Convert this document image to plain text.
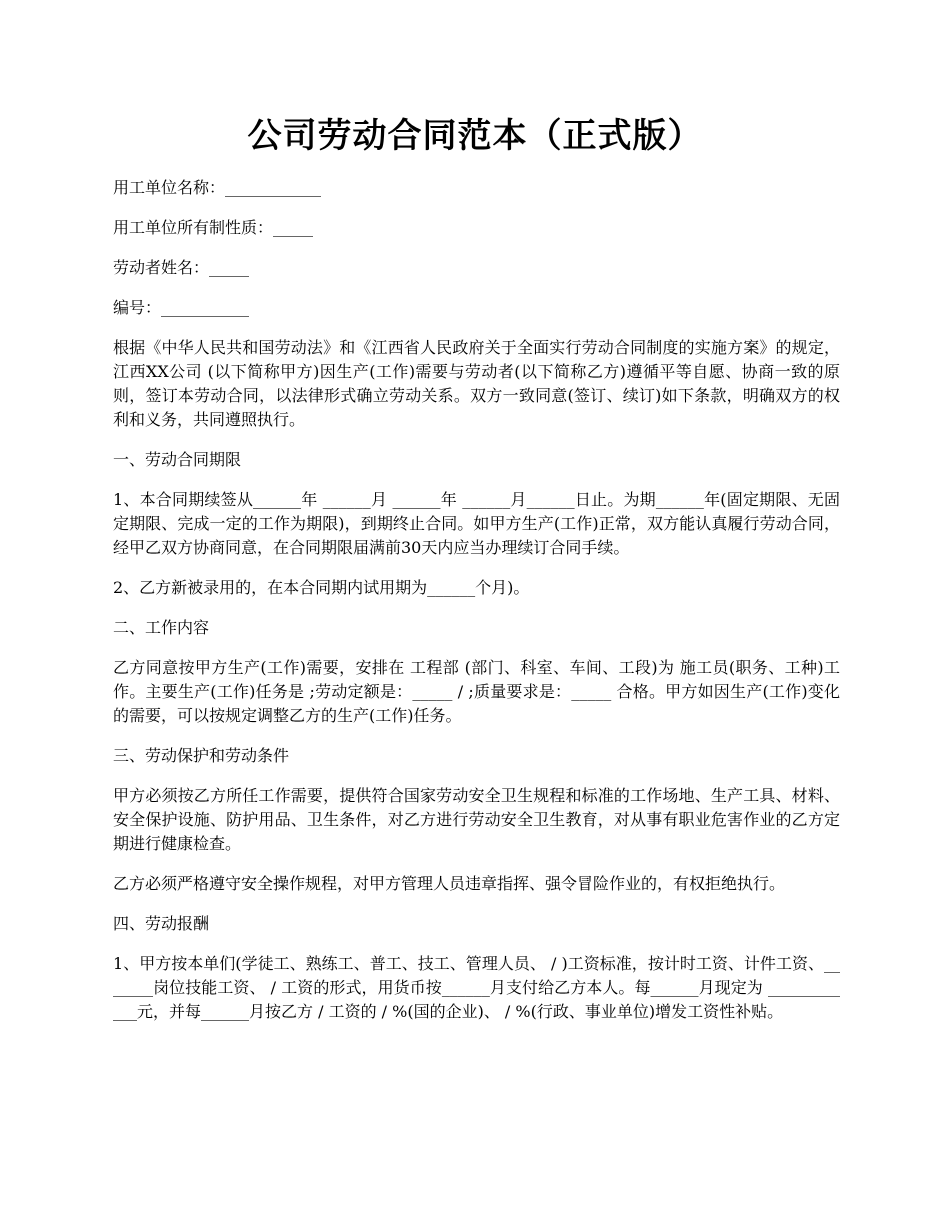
公司劳动合同范本（正式版）

用工单位名称：____________

用工单位所有制性质：_____

劳动者姓名：_____

编号：___________

根据《中华人民共和国劳动法》和《江西省人民政府关于全面实行劳动合同制度的实施方案》的规定， 江西XX公司 (以下简称甲方)因生产(工作)需要与劳动者(以下简称乙方)遵循平等自愿、协商一致的原则，签订本劳动合同，以法律形式确立劳动关系。双方一致同意(签订、续订)如下条款，明确双方的权利和义务，共同遵照执行。

一、劳动合同期限

1、本合同期续签从______年 ______月 ______年 ______月______日止。为期______年(固定期限、无固定期限、完成一定的工作为期限)，到期终止合同。如甲方生产(工作)正常，双方能认真履行劳动合同，经甲乙双方协商同意，在合同期限届满前30天内应当办理续订合同手续。

2、乙方新被录用的，在本合同期内试用期为______个月)。

二、工作内容

乙方同意按甲方生产(工作)需要，安排在 工程部 (部门、科室、车间、工段)为 施工员(职务、工种)工作。主要生产(工作)任务是 ;劳动定额是：_____ / ;质量要求是：_____ 合格。甲方如因生产(工作)变化的需要，可以按规定调整乙方的生产(工作)任务。

三、劳动保护和劳动条件

甲方必须按乙方所任工作需要，提供符合国家劳动安全卫生规程和标准的工作场地、生产工具、材料、安全保护设施、防护用品、卫生条件，对乙方进行劳动安全卫生教育，对从事有职业危害作业的乙方定期进行健康检查。

乙方必须严格遵守安全操作规程，对甲方管理人员违章指挥、强令冒险作业的，有权拒绝执行。

四、劳动报酬

1、甲方按本单们(学徒工、熟练工、普工、技工、管理人员、 / )工资标准，按计时工资、计件工资、_______岗位技能工资、 / 工资的形式，用货币按______月支付给乙方本人。每______月现定为 ____________元，并每______月按乙方 / 工资的 / %(国的企业)、 / %(行政、事业单位)增发工资性补贴。
